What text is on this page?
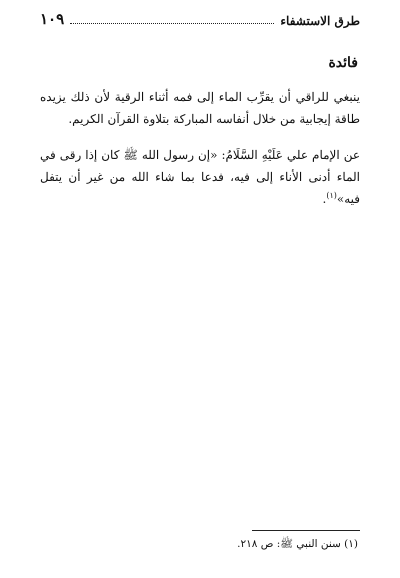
طرق الاستشفاء
١٠٩
فائدة

ينبغي للراقي أن يقرِّب الماء إلى فمه أثناء الرقية لأن ذلك يزيده طاقة إيجابية من خلال أنفاسه المباركة بتلاوة القرآن الكريم.

عن الإمام علي عَلَيْهِ السَّلَامُ: «إن رسول الله ﷺ كان إذا رقى في الماء أدنى الأناء إلى فيه، فدعا بما شاء الله من غير أن يتفل فيه»$^{(١)}$.

(١) سنن النبي ﷺ: ص ٢١٨.
